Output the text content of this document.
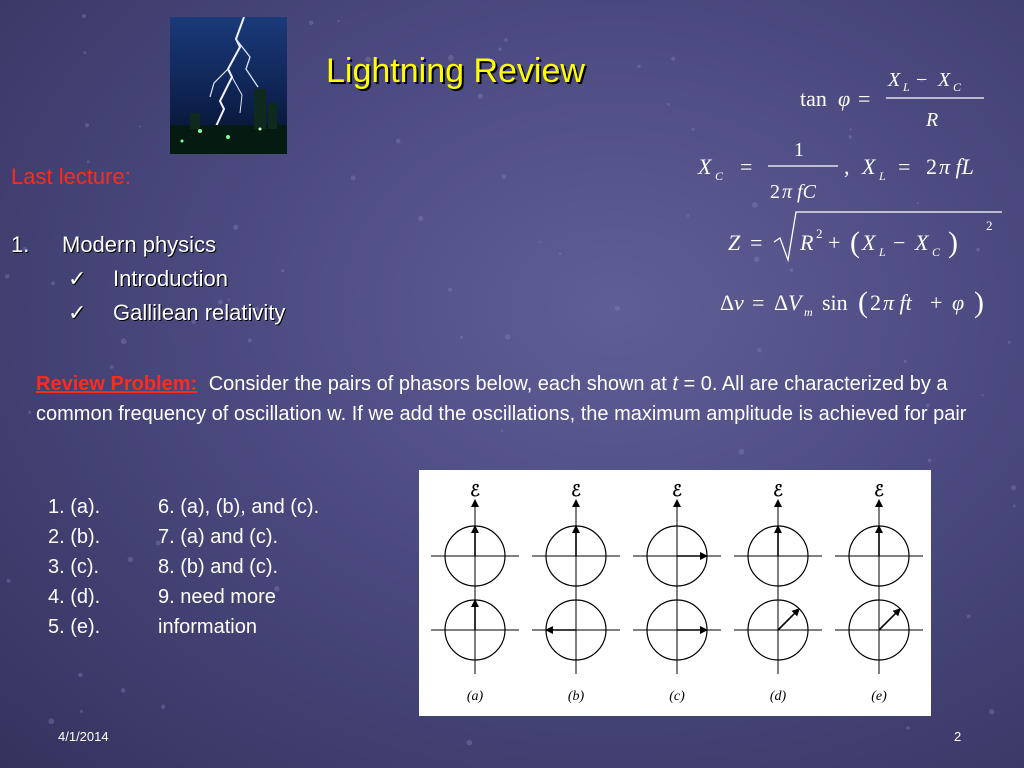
Lightning Review
Last lecture:
1. Modern physics
✓ Introduction
✓ Gallilean relativity
tan φ =
X L − X C
R
X C =
1
2 π fC
, X L = 2 π fL
Z = R 2 + ( X L − X C )
2
Δ v = Δ V m sin ( 2 π ft + φ )
Review Problem: Consider the pairs of phasors below, each shown at t = 0. All are characterized by a common frequency of oscillation w. If we add the oscillations, the maximum amplitude is achieved for pair
1. (a).
2. (b).
3. (c).
4. (d).
5. (e).
6. (a), (b), and (c).
7. (a) and (c).
8. (b) and (c).
9. need more
information
ℰ
(a)
ℰ
(b)
ℰ
(c)
ℰ
(d)
ℰ
(e)
4/1/2014	2
